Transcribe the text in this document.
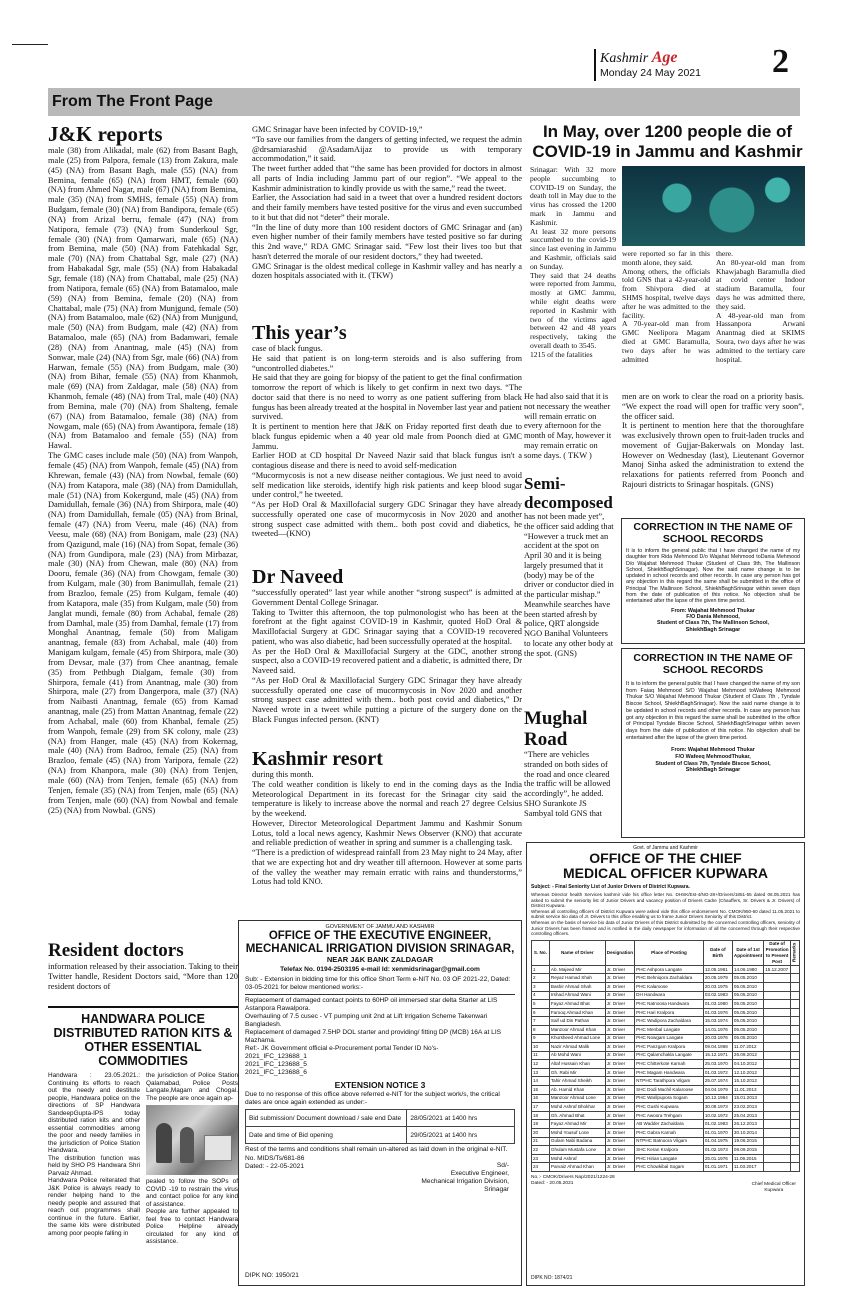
Kashmir Age
Monday 24 May 2021 2
From The Front Page
J&K reports
male (38) from Alikadal, male (62) from Basant Bagh, male (25) from Palpora, female (13) from Zakura, male (45) (NA) from Basant Bagh, male (55) (NA) from Bemina, female (65) (NA) from HMT, female (60) (NA) from Ahmed Nagar, male (67) (NA) from Bemina, male (35) (NA) from SMHS, female (55) (NA) from Budgam, female (30) (NA) from Bandipora, female (65) (NA) from Arizal berru, female (47) (NA) from Natipora, female (73) (NA) from Sunderkoul Sgr, female (30) (NA) from Qamarwari, male (65) (NA) from Bemina, male (50) (NA) from Fatehkadal Sgr, male (70) (NA) from Chattabal Sgr, male (27) (NA) from Habakadal Sgr, male (55) (NA) from Habakadal Sgr, female (18) (NA) from Chattabal, male (25) (NA) from Natipora, female (65) (NA) from Batamaloo, male (59) (NA) from Bemina, female (20) (NA) from Chattabal, male (75) (NA) from Munjgund, female (50) (NA) from Batamaloo, male (62) (NA) from Munjgund, male (50) (NA) from Budgam, male (42) (NA) from Batamaloo, male (65) (NA) from Badamwari, female (28) (NA) from Anantnag, male (45) (NA) from Sonwar, male (24) (NA) from Sgr, male (66) (NA) from Harwan, female (55) (NA) from Budgam, male (30) (NA) from Bihar, female (55) (NA) from Khanmoh, male (69) (NA) from Zaldagar, male (58) (NA) from Khanmoh, female (48) (NA) from Tral, male (40) (NA) from Bemina, male (70) (NA) from Shalteng, female (67) (NA) from Batamaloo, female (38) (NA) from Nowgam, male (65) (NA) from Awantipora, female (18) (NA) from Batamaloo and female (55) (NA) from Hawal.
The GMC cases include male (50) (NA) from Wanpoh, female (45) (NA) from Wanpoh, female (45) (NA) from Khrewan, female (43) (NA) from Nowbal, female (60) (NA) from Katapora, male (38) (NA) from Damidullah, male (51) (NA) from Kokergund, male (45) (NA) from Damidullah, female (36) (NA) from Shirpora, male (40) (NA) from Damidullah, female (05) (NA) from Brinal, female (47) (NA) from Veeru, male (46) (NA) from Veesu, male (68) (NA) from Bonigam, male (23) (NA) from Qazigund, male (16) (NA) from Sopat, female (36) (NA) from Gundipora, male (23) (NA) from Mirbazar, male (30) (NA) from Chewan, male (80) (NA) from Dooru, female (36) (NA) from Chowgam, female (30) from Kulgam, male (30) from Banimullah, female (21) from Brazloo, female (25) from Kulgam, female (40) from Katapora, male (35) from Kulgam, male (50) from Janglat mundi, female (80) from Achabal, female (28) from Damhal, male (35) from Damhal, female (17) from Monghal Anantnag, female (50) from Maligam anantnag, female (83) from Achabal, male (40) from Manigam kulgam, female (45) from Shirpora, male (30) from Devsar, male (37) from Chee anantnag, female (35) from Pethbugh Dialgam, female (30) from Shirpora, female (41) from Anantnag, male (30) from Shirpora, male (27) from Dangerpora, male (37) (NA) from Naibasti Anantnag, female (65) from Kamad anantnag, male (25) from Mattan Anantnag, female (22) from Achabal, male (60) from Khanbal, female (25) from Wanpoh, female (29) from SK colony, male (23) (NA) from Hanger, male (45) (NA) from Kokernag, male (40) (NA) from Badroo, female (25) (NA) from Brazloo, female (45) (NA) from Yaripora, female (22) (NA) from Khanpora, male (30) (NA) from Tenjen, male (60) (NA) from Tenjen, female (65) (NA) from Tenjen, female (35) (NA) from Tenjen, male (65) (NA) from Tenjen, male (60) (NA) from Nowbal and female (25) (NA) from Nowbal. (GNS)
Resident doctors
information released by their association. Taking to their Twitter handle, Resident Doctors said, “More than 120 resident doctors of
HANDWARA POLICE DISTRIBUTED RATION KITS & OTHER ESSENTIAL COMMODITIES
Handwara : 23.05.2021.: Continuing its efforts to reach out the needy and destitute people, Handwara police on the directions of SP Handwara SandeepGupta-IPS today distributed ration kits and other essential commodities among the poor and needy families in the jurisdiction of Police Station Handwara.
The distribution function was held by SHO PS Handwara Shri Parvaiz Ahmad.
Handwara Police reiterated that J&K Police is always ready to render helping hand to the needy people and assured that reach out programmes shall continue in the future. Earlier, the same kits were distributed among poor people falling in
the jurisdiction of Police Station Qalamabad, Police Posts Langate,Magam and Chogal. The people are once again ap-
pealed to follow the SOPs of COVID -19 to restrain the virus and contact police for any kind of assistance.
People are further appealed to feel free to contact Handwara Police Helpline already circulated for any kind of assistance.
GMC Srinagar have been infected by COVID-19,”
“To save our families from the dangers of getting infected, we request the admin @drsamiarashid @AsadamAijaz to provide us with temporary accommodation,” it said.
The tweet further added that “the same has been provided for doctors in almost all parts of India including Jammu part of our region”. “We appeal to the Kashmir administration to kindly provide us with the same,” read the tweet.
Earlier, the Association had said in a tweet that over a hundred resident doctors and their family members have tested positive for the virus and even succumbed to it but that did not “deter” their morale.
“In the line of duty more than 100 resident doctors of GMC Srinagar and (an) even higher number of their family members have tested positive so far during this 2nd wave,” RDA GMC Srinagar said. “Few lost their lives too but that hasn't deterred the morale of our resident doctors,” they had tweeted.
GMC Srinagar is the oldest medical college in Kashmir valley and has nearly a dozen hospitals associated with it. (TKW)
This year’s
case of black fungus.
He said that patient is on long-term steroids and is also suffering from “uncontrolled diabetes.”
He said that they are going for biopsy of the patient to get the final confirmation tomorrow the report of which is likely to get confirm in next two days. “The doctor said that there is no need to worry as one patient suffering from black fungus has been already treated at the hospital in November last year and patient survived.
It is pertinent to mention here that J&K on Friday reported first death due to black fungus epidemic when a 40 year old male from Poonch died at GMC Jammu.
Earlier HOD at CD hospital Dr Naveed Nazir said that black fungus isn't a contagious disease and there is need to avoid self-medication
“Mucormycosis is not a new disease neither contagious. We just need to avoid self medication like steroids, identify high risk patients and keep blood sugar under control,” he tweeted.
“As per HoD Oral & Maxillofacial surgery GDC Srinagar they have already successfully operated one case of mucormycosis in Nov 2020 and another strong suspect case admitted with them.. both post covid and diabetics, he tweeted—(KNO)
Dr Naveed
“successfully operated” last year while another “strong suspect” is admitted at Government Dental College Srinagar.
Taking to Twitter this afternoon, the top pulmonologist who has been at the forefront at the fight against COVID-19 in Kashmir, quoted HoD Oral & Maxillofacial Surgery at GDC Srinagar saying that a COVID-19 recovered patient, who was also diabetic, had been successfully operated at the hospital.
As per the HoD Oral & Maxillofacial Surgery at the GDC, another strong suspect, also a COVID-19 recovered patient and a diabetic, is admitted there, Dr Naveed said.
“As per HoD Oral & Maxillofacial Surgery GDC Srinagar they have already successfully operated one case of mucormycosis in Nov 2020 and another strong suspect case admitted with them.. both post covid and diabetics,” Dr Naveed wrote in a tweet while putting a picture of the surgery done on the Black Fungus infected person. (KNT)
Kashmir resort
during this month.
The cold weather condition is likely to end in the coming days as the India Meteorological Department in its forecast for the Srinagar city said the temperature is likely to increase above the normal and reach 27 degree Celsius by the weekend.
However, Director Meteorological Department Jammu and Kashmir Sonum Lotus, told a local news agency, Kashmir News Observer (KNO) that accurate and reliable prediction of weather in spring and summer is a challenging task.
“There is a prediction of widespread rainfall from 23 May night to 24 May, after that we are expecting hot and dry weather till afternoon. However at some parts of the valley the weather may remain erratic with rains and thunderstorms,” Lotus had told KNO.
In May, over 1200 people die of COVID-19 in Jammu and Kashmir
Srinagar: With 32 more people succumbing to COVID-19 on Sunday, the death toll in May due to the virus has crossed the 1200 mark in Jammu and Kashmir.
At least 32 more persons succumbed to the covid-19 since last evening in Jammu and Kashmir, officials said on Sunday.
They said that 24 deaths were reported from Jammu, mostly at GMC Jammu, while eight deaths were reported in Kashmir with two of the victims aged between 42 and 48 years respectively, taking the overall death to 3545.
1215 of the fatalities
were reported so far in this month alone, they said.
Among others, the officials told GNS that a 42-year-old from Shivpora died at SHMS hospital, twelve days after he was admitted to the facility.
A 70-year-old man from GMC Neelipora Magam died at GMC Baramulla, two days after he was admitted
there.
An 80-year-old man from Khawjabagh Baramulla died at covid center Indoor stadium Baramulla, four days he was admitted there, they said.
A 48-year-old man from Hassanpora Arwani Anantnag died at SKIMS Soura, two days after he was admitted to the tertiary care hospital.
He had also said that it is not necessary the weather will remain erratic on every afternoon for the month of May, however it may remain erratic on some days. ( TKW )
Semi-decomposed
has not been made yet”, the officer said adding that “However a truck met an accident at the spot on April 30 and it is being largely presumed that it (body) may be of the driver or conductor died in the particular mishap.”
Meanwhile searches have been started afresh by police, QRT alongside NGO Banihal Volunteers to locate any other body at the spot. (GNS)
Mughal Road
“There are vehicles stranded on both sides of the road and once cleared the traffic will be allowed accordingly”, he added.
SHO Surankote JS Sambyal told GNS that
men are on work to clear the road on a priority basis. “We expect the road will open for traffic very soon”, the officer said.
It is pertinent to mention here that the thoroughfare was exclusively thrown open to fruit-laden trucks and movement of Gujjar-Bakerwals on Monday last. However on Wednesday (last), Lieutenant Governor Manoj Sinha asked the administration to extend the relaxations for patients referred from Poonch and Rajouri districts to Srinagar hospitals. (GNS)
CORRECTION IN THE NAME OF SCHOOL RECORDS
It is to inform the general public that I have changed the name of my daughter from Rida Mehmood D/o Wajahat Mehmood toDania Mehmood D/o Wajahat Mehmood Thukar (Student of Class 9th, The Mallinson School, ShiekhBaghSrinagar). Now the said name change is to be updated in school records and other records. In case any person has got any objection in this regard the same shall be submitted in the office of Principal The Mallinson School, ShiekhBaghSrinagar within seven days from the date of publication of this notice. No objection shall be entertained after the lapse of the given time period.
From: Wajahat Mehmood Thukar
F/O Dania Mehmood,
Student of Class 7th, The Mallinson School,
ShiekhBagh Srinagar
CORRECTION IN THE NAME OF SCHOOL RECORDS
It is to inform the general public that I have changed the name of my son from Faiaq Mehmood S/O Wajahat Mehmood toWafeeq Mehmood Thukar S/O Wajahat Mehmood Thukar (Student of Class 7th , Tyndale Biscoe School, ShiekhBaghSrinagar). Now the said name change is to be updated in school records and other records. In case any person has got any objection in this regard the same shall be submitted in the office of Principal Tyndale Biscoe School, ShiekhBaghSrinagar within seven days from the date of publication of this notice. No objection shall be entertained after the lapse of the given time period.
From: Wajahat Mehmood Thukar
F/O Wafeeq MehmoodThukar,
Student of Class 7th, Tyndale Biscoe School,
ShiekhBagh Srinagar
GOVERNMENT OF JAMMU AND KASHMIR
OFFICE OF THE EXECUTIVE ENGINEER,
MECHANICAL IRRIGATION DIVISION SRINAGAR,
NEAR J&K BANK ZALDAGAR
Telefax No. 0194-2503195 e-mail Id: xenmidsrinagar@gmail.com
Sub: - Extension in bidding time for this office Short Term e-NIT No. 03 OF 2021-22, Dated: 03-05-2021 for below mentioned works:-
Replacement of damaged contact points to 60HP oil immersed star delta Starter at LIS Astanpora Rawalpora.
Overhauling of 7.5 cusec - VT pumping unit 2nd at Lift Irrigation Scheme Takenwari Bangladesh.
Replacement of damaged 7.5HP DOL starter and providing/ fitting DP (MCB) 16A at LIS Mazhama.
Ref:- JK Government official e-Procurement portal Tender ID No's-
2021_IFC_123688_1
2021_IFC_123688_5
2021_IFC_123688_6
EXTENSION NOTICE 3
Due to no response of this office above referred e-NIT for the subject work/s, the critical dates are once again extended as under:-
Bid submission/ Document download / sale end Date	28/05/2021 at 1400 hrs
Date and time of Bid opening	29/05/2021 at 1400 hrs
Rest of the terms and conditions shall remain un-altered as laid down in the original e-NIT.
No. MIDS/Ts/681-86
Dated: - 22-05-2021	Sd/-
Executive Engineer,
Mechanical Irrigation Division,
Srinagar
DIPK NO: 1950/21
Govt. of Jammu and Kashmir
OFFICE OF THE CHIEF
MEDICAL OFFICER KUPWARA
Subject: - Final Seniority List of Junior Drivers of District Kupwara.
Whereas Director health Services kashmir vide his office letter No. DHSK/Est-4/NG-28+/Drivers/1851-55 dated 06.05.2021 has asked to submit the seniority list of Junior Drivers and vacancy position of Drivers Cadre (Chauffers, Sr. Drivers & Jr. Drivers) of District Kupwara.
Whereas all controlling officers of District Kupwara were asked vide this office endorsement No. CMOK/950-60 dated 11.05.2021 to submit service bio data of Jr. Drivers to this office enabling us to frame Junior Drivers Seniority of this District.
Whereas on the basis of service bio data of Junior Drivers of this District submitted by the concerned controlling officers, seniority of Junior Drivers has been framed and is notified in the daily newspaper for information of all the concerned through their respective controlling officers.
S. No.	Name of Driver	Designation	Place of Posting	Date of Birth	Date of 1st Appointment	Date of Promotion to Present Post	Remarks
1	Ab. Majeed Mir	Jr. Driver	PHC Ashpora Langate	12.05.1961	14.06.1980	15.12.2007	
2	Reyaz Hamad Shah	Jr. Driver	PHC Behniqora Zachaldara	20.05.1979	05.05.2010		
3	Bashir Ahmad Shah	Jr. Driver	PHC Kalaroose	20.03.1975	05.05.2010		
4	Irshad Ahmad Wani	Jr. Driver	DH Handwara	03.02.1983	05.05.2010		
5	Fayaz Ahmad Bhat	Jr. Driver	PHC Natnoosa Handwara	01.03.1980	05.05.2010		
6	Farooq Ahmad Khan	Jr. Driver	PHC Hari Kralpora	01.03.1976	05.05.2010		
7	Saif ud Din Pathan	Jr. Driver	PHC Wadipora Zachaldara	15.03.1974	05.05.2010		
8	Manzoor Ahmad Khan	Jr. Driver	PHC Menbal Langate	14.01.1976	05.05.2010		
9	Khursheed Ahmad Lone	Jr. Driver	PHC Nowgam Langate	20.03.1976	05.05.2010		
10	Nazir Ahmad Malik	Jr. Driver	PHC Panzgam Kralpora	09.04.1968	11.07.2012		
11	Ab Mohd Wani	Jr. Driver	PHC Qalamchakla Langate	15.12.1971	26.09.2012		
12	Altaf Hussain Khan	Jr. Driver	PHC Chitterkote Karnah	25.03.1970	04.10.2012		
13	Gh. Rabi Mir	Jr. Driver	PHC Magam Handwara	01.03.1972	12.10.2012		
14	Tahir Ahmad Sheikh	Jr. Driver	NTPHC Tarathpora Vilgam	25.07.1974	15.10.2012		
15	Ab. Hamid Khan	Jr. Driver	SHC Dodi Machil Kalaroose	04.04.1979	11.01.2013		
16	Manzoor Ahmad Lone	Jr. Driver	PHC Warilpupora Sogam	10.12.1964	15.01.2013		
17	Mohd Ashraf Bhokhar	Jr. Driver	PHC Gushi Kupwara	30.08.1973	23.02.2013		
18	Gh. Ahmad Bhat	Jr. Driver	PHC Awoora Trehgam	10.02.1972	25.04.2013		
19	Fayaz Ahmad Mir	Jr. Driver	AB Wadder Zachaldara	01.02.1983	26.12.2013		
20	Mohd Yousuf Lone	Jr. Driver	PHC Gabra Karnah	01.01.1970	30.10.2014		
21	Gulam Nabi Badana	Jr. Driver	NTPHC Batnoora Vilgam	01.04.1975	19.06.2015		
22	Ghulam Mustafa Lone	Jr. Driver	SHC Keran Kralpora	01.02.1973	08.09.2015		
23	Mohd Ashraf	Jr. Driver	PHC Hirian Langate	25.01.1976	11.09.2015		
24	Parvaiz Ahmad Khan	Jr. Driver	PHC Chowkibal Sogam	01.01.1971	11.03.2017		
No.:- CMOK/Drivers Nap/2021/1224-28
Dated: - 20.05.2021	Chief Medical Officer
Kupwara
DIPK NO: 1874/21
